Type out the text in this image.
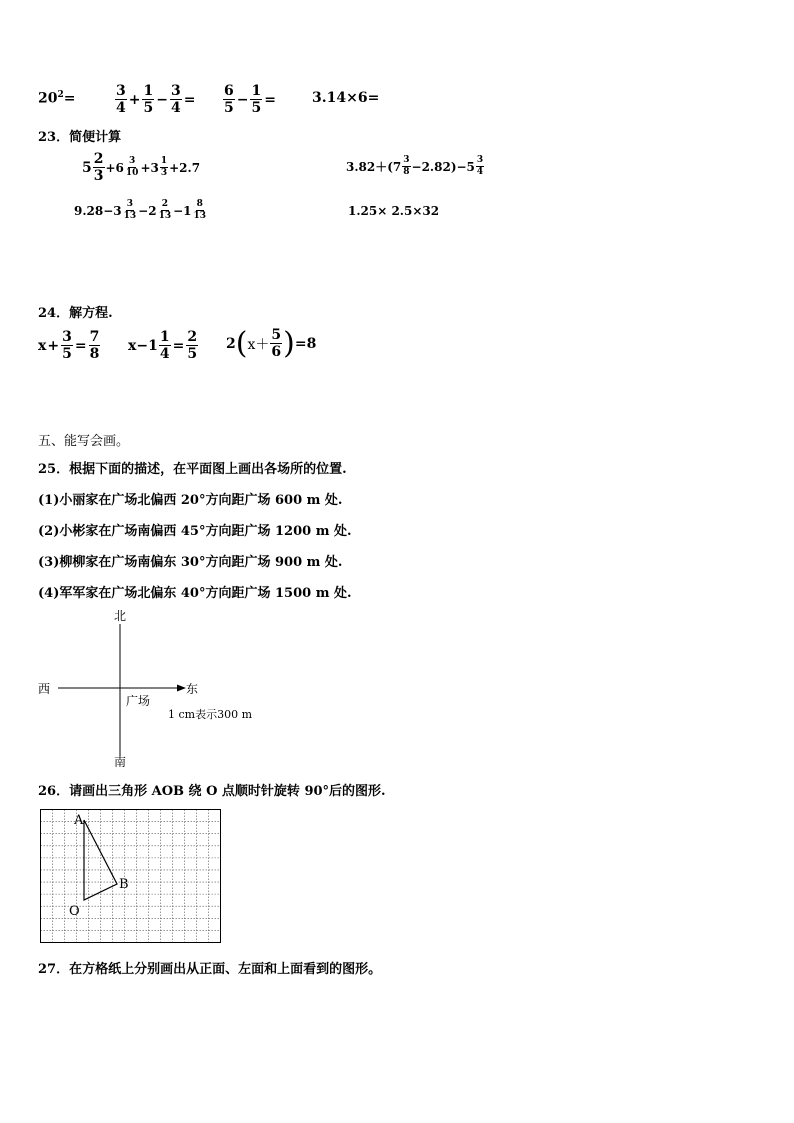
$20^2=$	$\frac{3}{4} + \frac{1}{5} - \frac{3}{4} = \frac{6}{5} - \frac{1}{5}$ =	3.14×6=
23．简便计算
$5 \frac{2}{3} +6 \frac{3}{10} +3 \frac{1}{3} +2.7$	$3.82+(7 \frac{3}{8} -2.82)-5 \frac{3}{4}$
$9.28-3 \frac{3}{13} -2 \frac{2}{13} -1 \frac{8}{13}$	1.25× 2.5×32
24．解方程.
$x + \frac{3}{5} = \frac{7}{8} x-1 \frac{1}{4} = \frac{2}{5} 2$ ( $x+ \frac{5}{6}$ ) =8
五、能写会画。
25．根据下面的描述，在平面图上画出各场所的位置.
(1)小丽家在广场北偏西 20°方向距广场 600 m 处.
(2)小彬家在广场南偏西 45°方向距广场 1200 m 处.
(3)柳柳家在广场南偏东 30°方向距广场 900 m 处.
(4)军军家在广场北偏东 40°方向距广场 1500 m 处.
北
南
西	东
广场
1 cm表示300 m
26．请画出三角形 AOB 绕 O 点顺时针旋转 90°后的图形.
A
B
O
27．在方格纸上分别画出从正面、左面和上面看到的图形。
